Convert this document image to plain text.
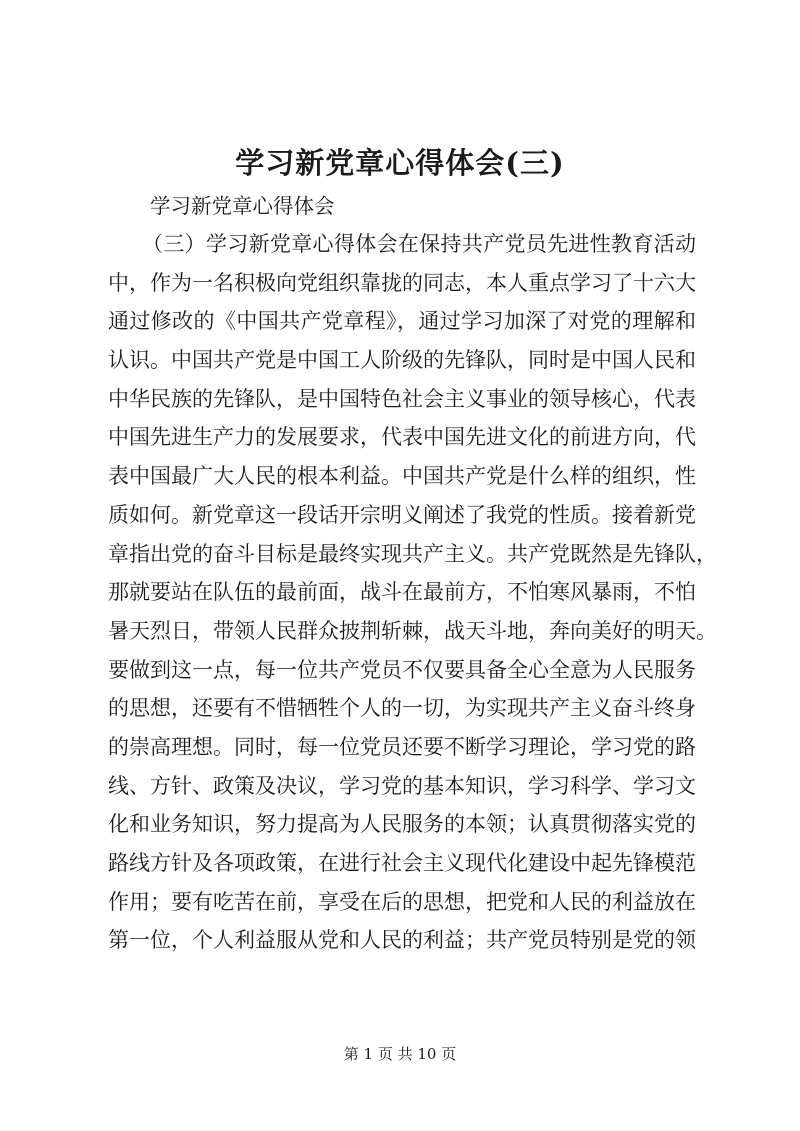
学习新党章心得体会(三)

学习新党章心得体会

（三）学习新党章心得体会在保持共产党员先进性教育活动
中，作为一名积极向党组织靠拢的同志，本人重点学习了十六大
通过修改的《中国共产党章程》，通过学习加深了对党的理解和
认识。中国共产党是中国工人阶级的先锋队，同时是中国人民和
中华民族的先锋队，是中国特色社会主义事业的领导核心，代表
中国先进生产力的发展要求，代表中国先进文化的前进方向，代
表中国最广大人民的根本利益。中国共产党是什么样的组织，性
质如何。新党章这一段话开宗明义阐述了我党的性质。接着新党
章指出党的奋斗目标是最终实现共产主义。共产党既然是先锋队，
那就要站在队伍的最前面，战斗在最前方，不怕寒风暴雨，不怕
暑天烈日，带领人民群众披荆斩棘，战天斗地，奔向美好的明天。
要做到这一点，每一位共产党员不仅要具备全心全意为人民服务
的思想，还要有不惜牺牲个人的一切，为实现共产主义奋斗终身
的崇高理想。同时，每一位党员还要不断学习理论，学习党的路
线、方针、政策及决议，学习党的基本知识，学习科学、学习文
化和业务知识，努力提高为人民服务的本领；认真贯彻落实党的
路线方针及各项政策，在进行社会主义现代化建设中起先锋模范
作用；要有吃苦在前，享受在后的思想，把党和人民的利益放在
第一位，个人利益服从党和人民的利益；共产党员特别是党的领

第 1 页 共 10 页
